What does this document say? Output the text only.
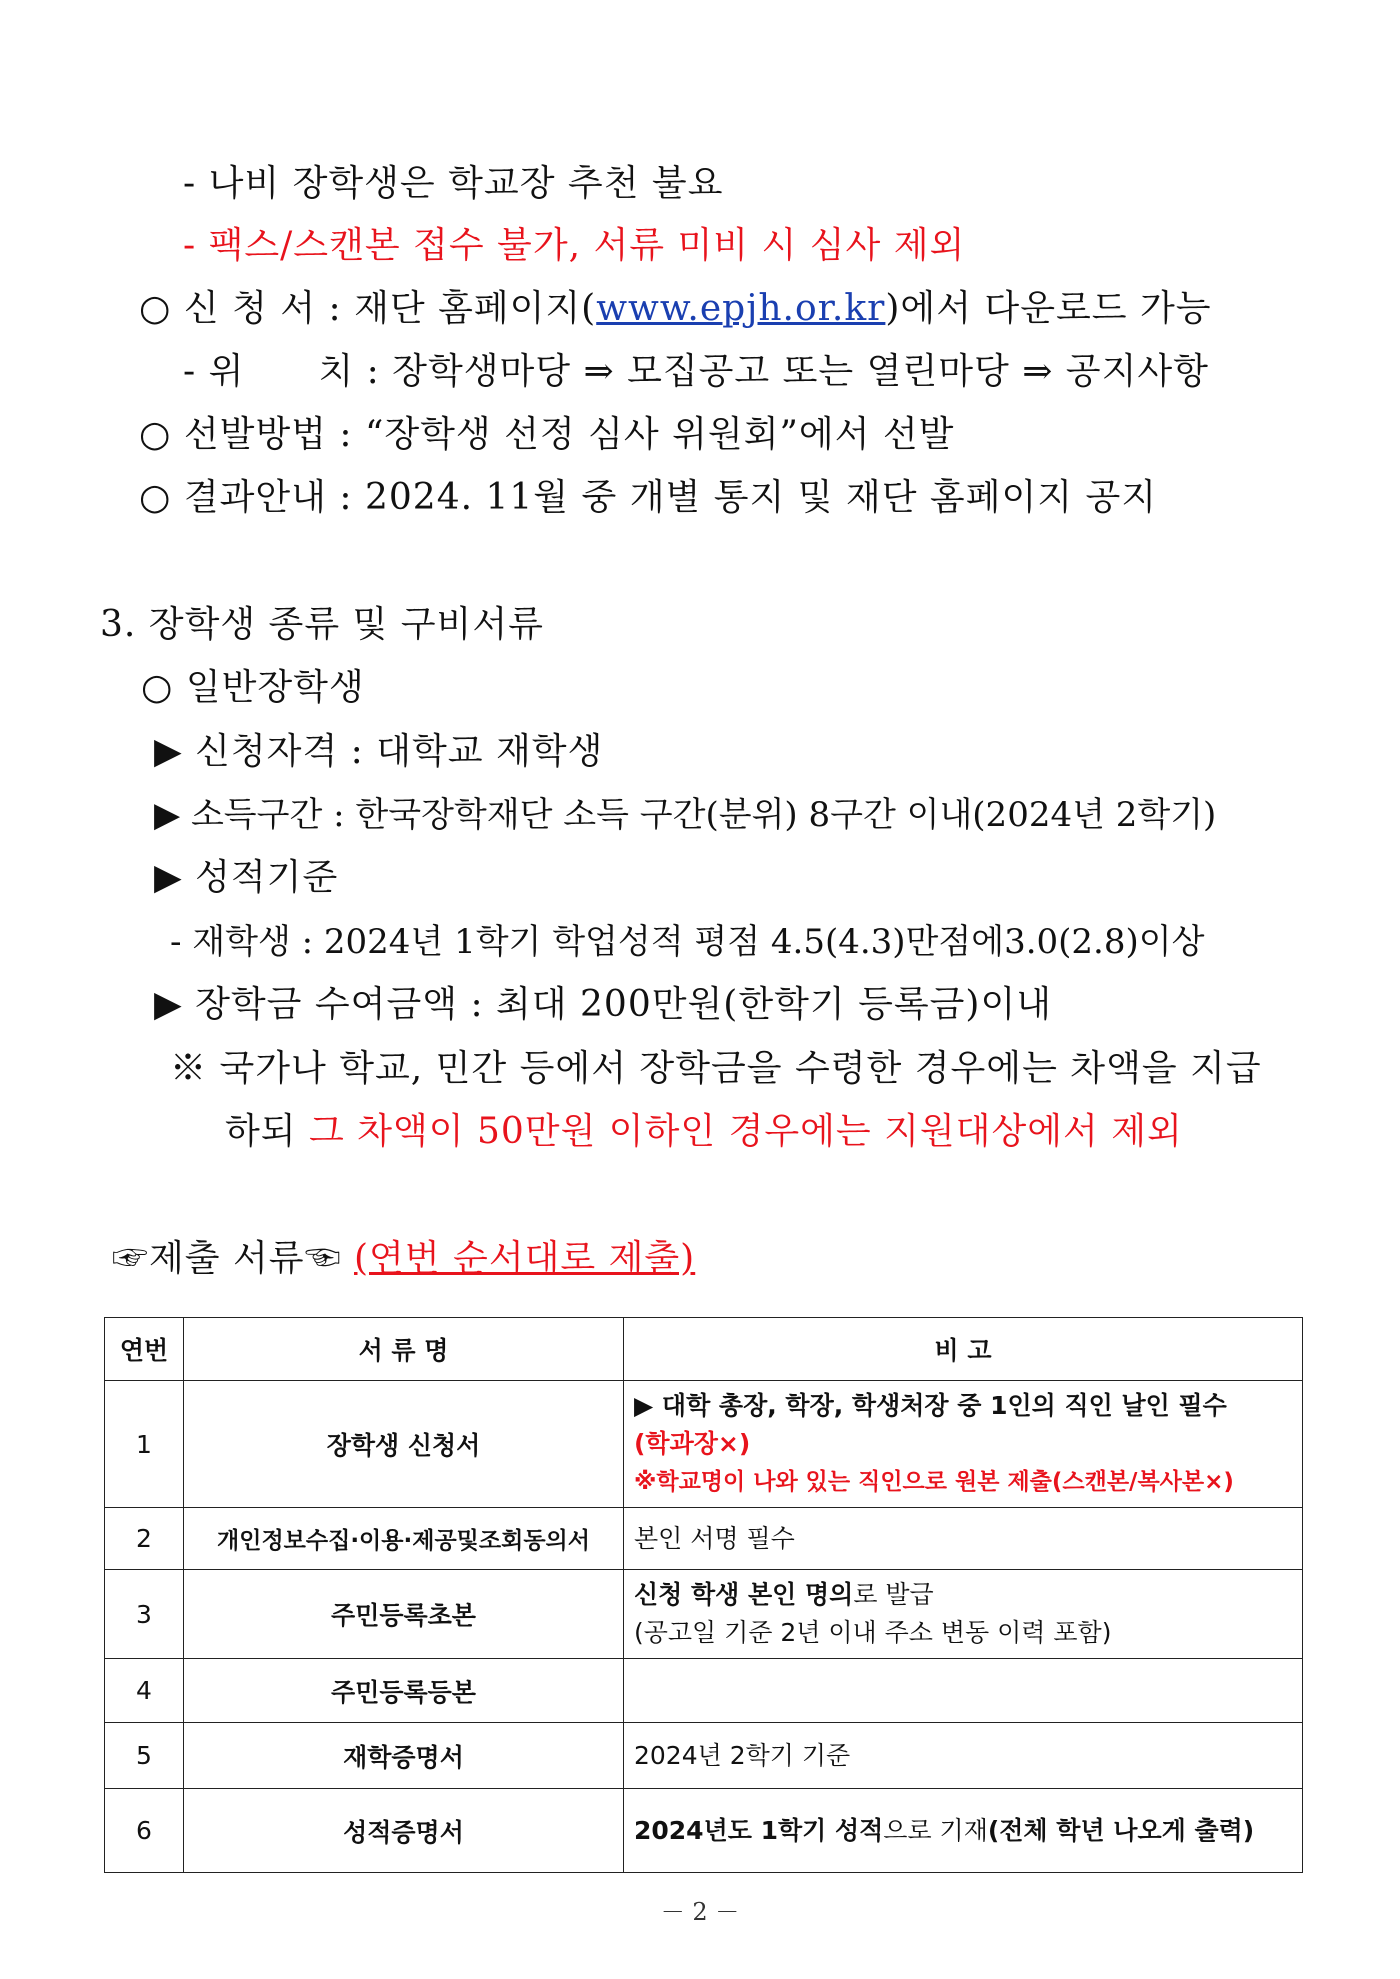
- 나비 장학생은 학교장 추천 불요
- 팩스/스캔본 접수 불가, 서류 미비 시 심사 제외
○ 신 청 서 : 재단 홈페이지(www.epjh.or.kr)에서 다운로드 가능
- 위　　치 : 장학생마당 ⇒ 모집공고 또는 열린마당 ⇒ 공지사항
○ 선발방법 : “장학생 선정 심사 위원회”에서 선발
○ 결과안내 : 2024. 11월 중 개별 통지 및 재단 홈페이지 공지
3. 장학생 종류 및 구비서류
○ 일반장학생
▶ 신청자격 : 대학교 재학생
▶ 소득구간 : 한국장학재단 소득 구간(분위) 8구간 이내(2024년 2학기)
▶ 성적기준
- 재학생 : 2024년 1학기 학업성적 평점 4.5(4.3)만점에3.0(2.8)이상
▶ 장학금 수여금액 : 최대 200만원(한학기 등록금)이내
※ 국가나 학교, 민간 등에서 장학금을 수령한 경우에는 차액을 지급
하되 그 차액이 50만원 이하인 경우에는 지원대상에서 제외
☞제출 서류☜ (연번 순서대로 제출)
연번	서 류 명	비 고
1	장학생 신청서	▶ 대학 총장, 학장, 학생처장 중 1인의 직인 날인 필수
(학과장×)
※학교명이 나와 있는 직인으로 원본 제출(스캔본/복사본×)

2	개인정보수집·이용·제공및조회동의서	본인 서명 필수
3	주민등록초본	신청 학생 본인 명의로 발급
(공고일 기준 2년 이내 주소 변동 이력 포함)

4	주민등록등본	
5	재학증명서	2024년 2학기 기준
6	성적증명서	2024년도 1학기 성적으로 기재(전체 학년 나오게 출력)
－ 2 －
